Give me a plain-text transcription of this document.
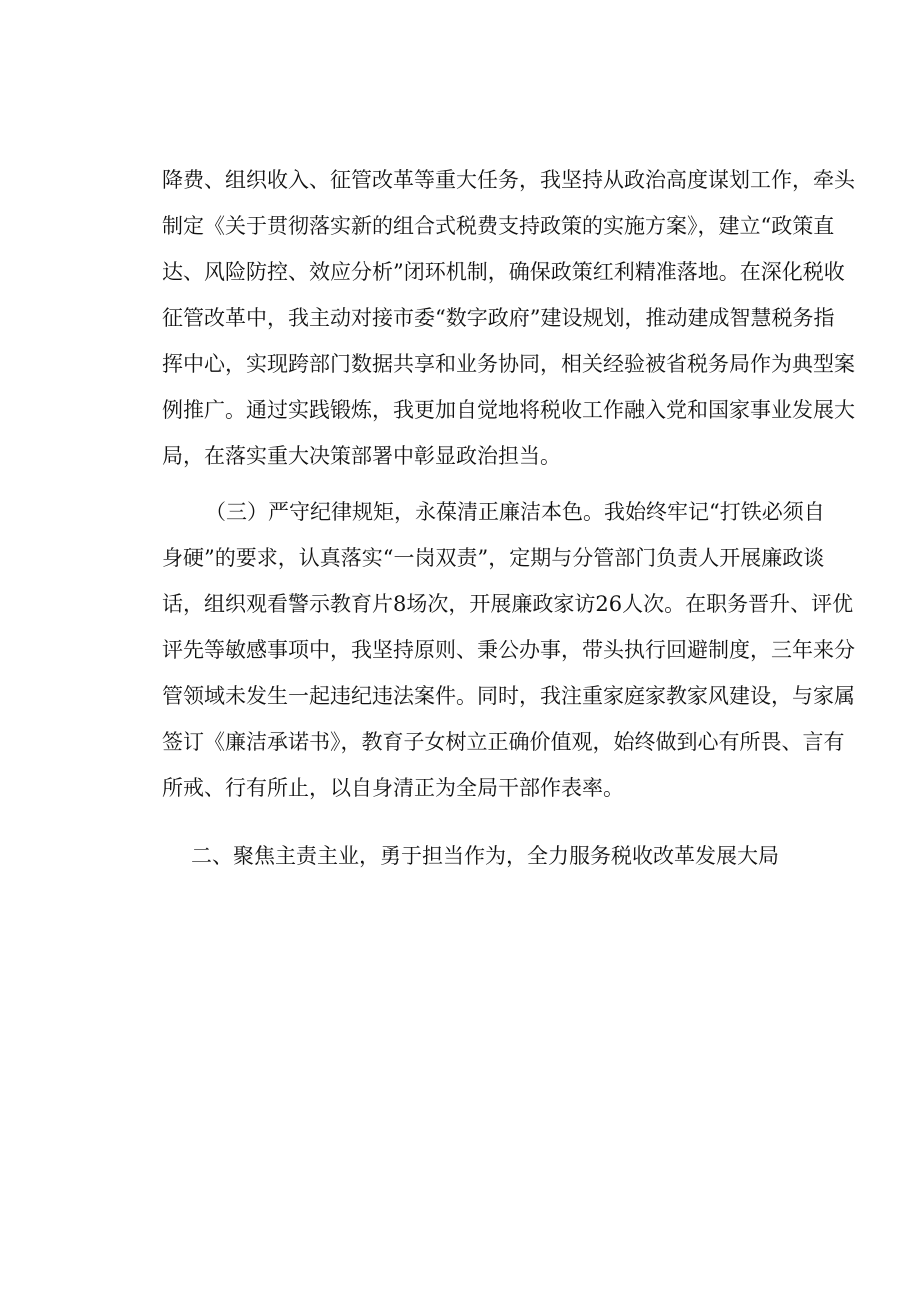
降费、组织收入、征管改革等重大任务，我坚持从政治高度谋划工作，牵头
制定《关于贯彻落实新的组合式税费支持政策的实施方案》，建立“政策直
达、风险防控、效应分析”闭环机制，确保政策红利精准落地。在深化税收
征管改革中，我主动对接市委“数字政府”建设规划，推动建成智慧税务指
挥中心，实现跨部门数据共享和业务协同，相关经验被省税务局作为典型案
例推广。通过实践锻炼，我更加自觉地将税收工作融入党和国家事业发展大
局，在落实重大决策部署中彰显政治担当。
（三）严守纪律规矩，永葆清正廉洁本色。我始终牢记“打铁必须自
身硬”的要求，认真落实“一岗双责”，定期与分管部门负责人开展廉政谈
话，组织观看警示教育片8场次，开展廉政家访26人次。在职务晋升、评优
评先等敏感事项中，我坚持原则、秉公办事，带头执行回避制度，三年来分
管领域未发生一起违纪违法案件。同时，我注重家庭家教家风建设，与家属
签订《廉洁承诺书》，教育子女树立正确价值观，始终做到心有所畏、言有
所戒、行有所止，以自身清正为全局干部作表率。
二、聚焦主责主业，勇于担当作为，全力服务税收改革发展大局
